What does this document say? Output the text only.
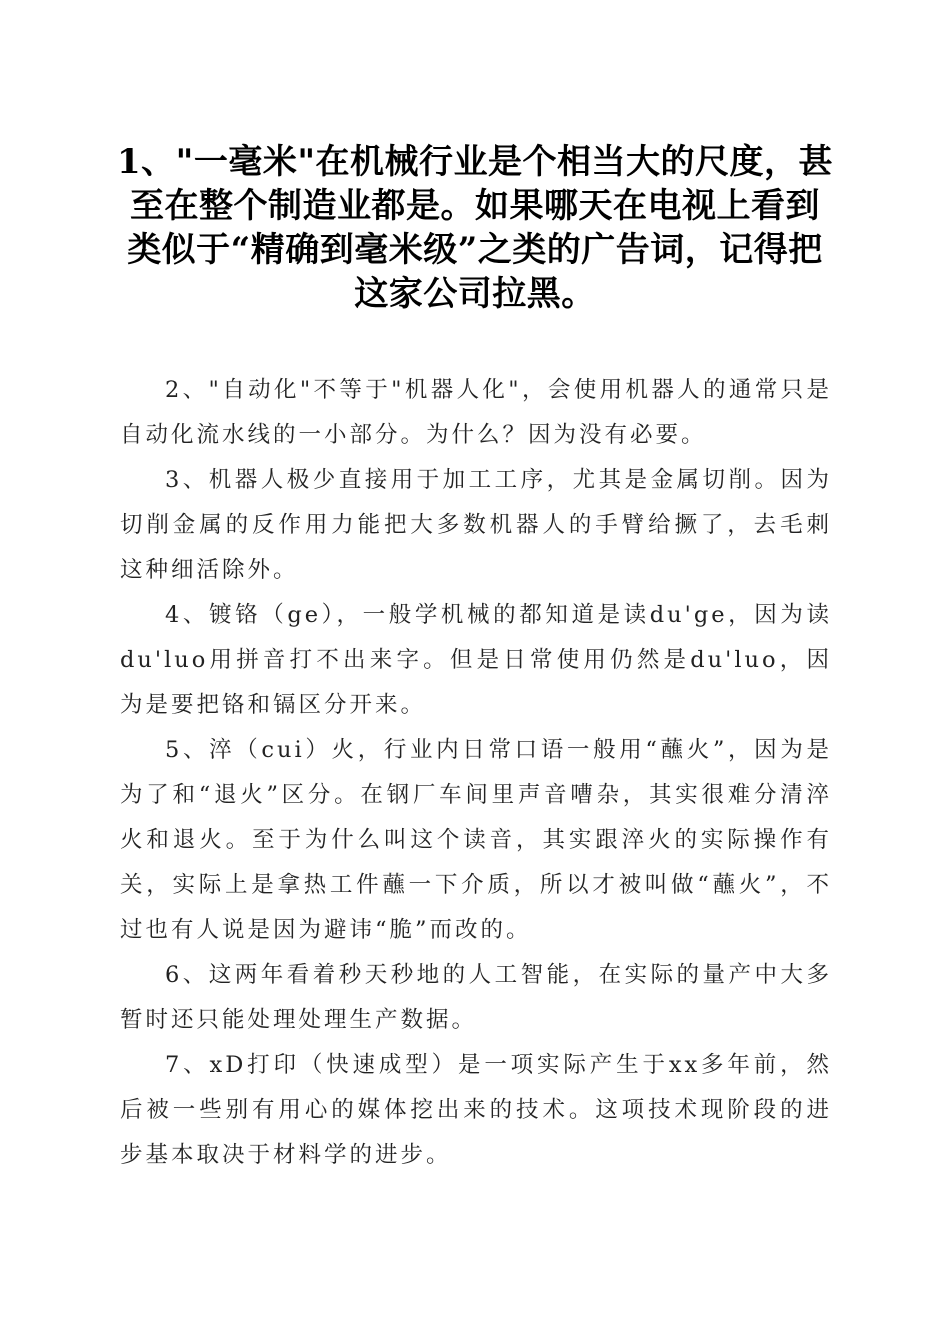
1、"一毫米"在机械行业是个相当大的尺度，甚至在整个制造业都是。如果哪天在电视上看到类似于“精确到毫米级”之类的广告词，记得把这家公司拉黑。

2、"自动化"不等于"机器人化"，会使用机器人的通常只是自动化流水线的一小部分。为什么？因为没有必要。

3、机器人极少直接用于加工工序，尤其是金属切削。因为切削金属的反作用力能把大多数机器人的手臂给撅了，去毛刺这种细活除外。

4、镀铬（ge），一般学机械的都知道是读du'ge，因为读du'luo用拼音打不出来字。但是日常使用仍然是du'luo，因为是要把铬和镉区分开来。

5、淬（cui）火，行业内日常口语一般用“蘸火”，因为是为了和“退火”区分。在钢厂车间里声音嘈杂，其实很难分清淬火和退火。至于为什么叫这个读音，其实跟淬火的实际操作有关，实际上是拿热工件蘸一下介质，所以才被叫做“蘸火”，不过也有人说是因为避讳“脆”而改的。

6、这两年看着秒天秒地的人工智能，在实际的量产中大多暂时还只能处理处理生产数据。

7、xD打印（快速成型）是一项实际产生于xx多年前，然后被一些别有用心的媒体挖出来的技术。这项技术现阶段的进步基本取决于材料学的进步。
